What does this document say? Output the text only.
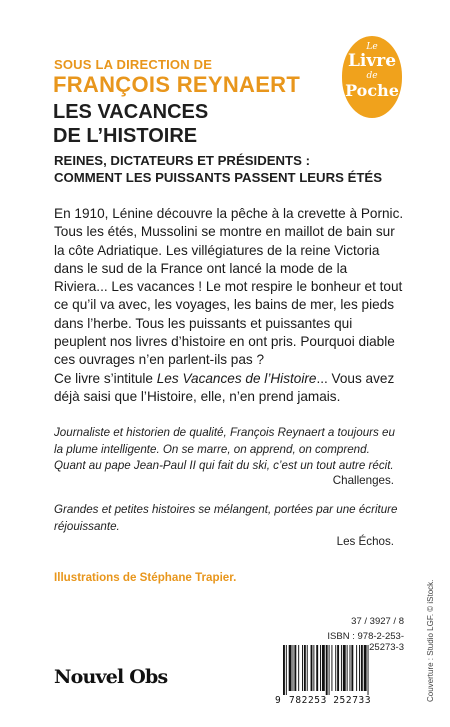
SOUS LA DIRECTION DE
FRANÇOIS REYNAERT
LES VACANCES
DE L’HISTOIRE
REINES, DICTATEURS ET PRÉSIDENTS :
COMMENT LES PUISSANTS PASSENT LEURS ÉTÉS
Le
Livre
de
Poche

En 1910, Lénine découvre la pêche à la crevette à Pornic. Tous les étés, Mussolini se montre en maillot de bain sur la côte Adriatique. Les villégiatures de la reine Victoria dans le sud de la France ont lancé la mode de la Riviera... Les vacances ! Le mot respire le bonheur et tout ce qu’il va avec, les voyages, les bains de mer, les pieds dans l’herbe. Tous les puissants et puissantes qui peuplent nos livres d’histoire en ont pris. Pourquoi diable ces ouvrages n’en parlent-ils pas ?

Ce livre s’intitule Les Vacances de l’Histoire... Vous avez déjà saisi que l’Histoire, elle, n’en prend jamais.

Journaliste et historien de qualité, François Reynaert a toujours eu la plume intelligente. On se marre, on apprend, on comprend. Quant au pape Jean-Paul II qui fait du ski, c’est un tout autre récit.
Challenges.
Grandes et petites histoires se mélangent, portées par une écriture réjouissante.
Les Échos.
Illustrations de Stéphane Trapier.
Couverture : Studio LGF. © iStock.
37 / 3927 / 8
ISBN : 978-2-253-25273-3
Nouvel Obs
9 782253 252733
